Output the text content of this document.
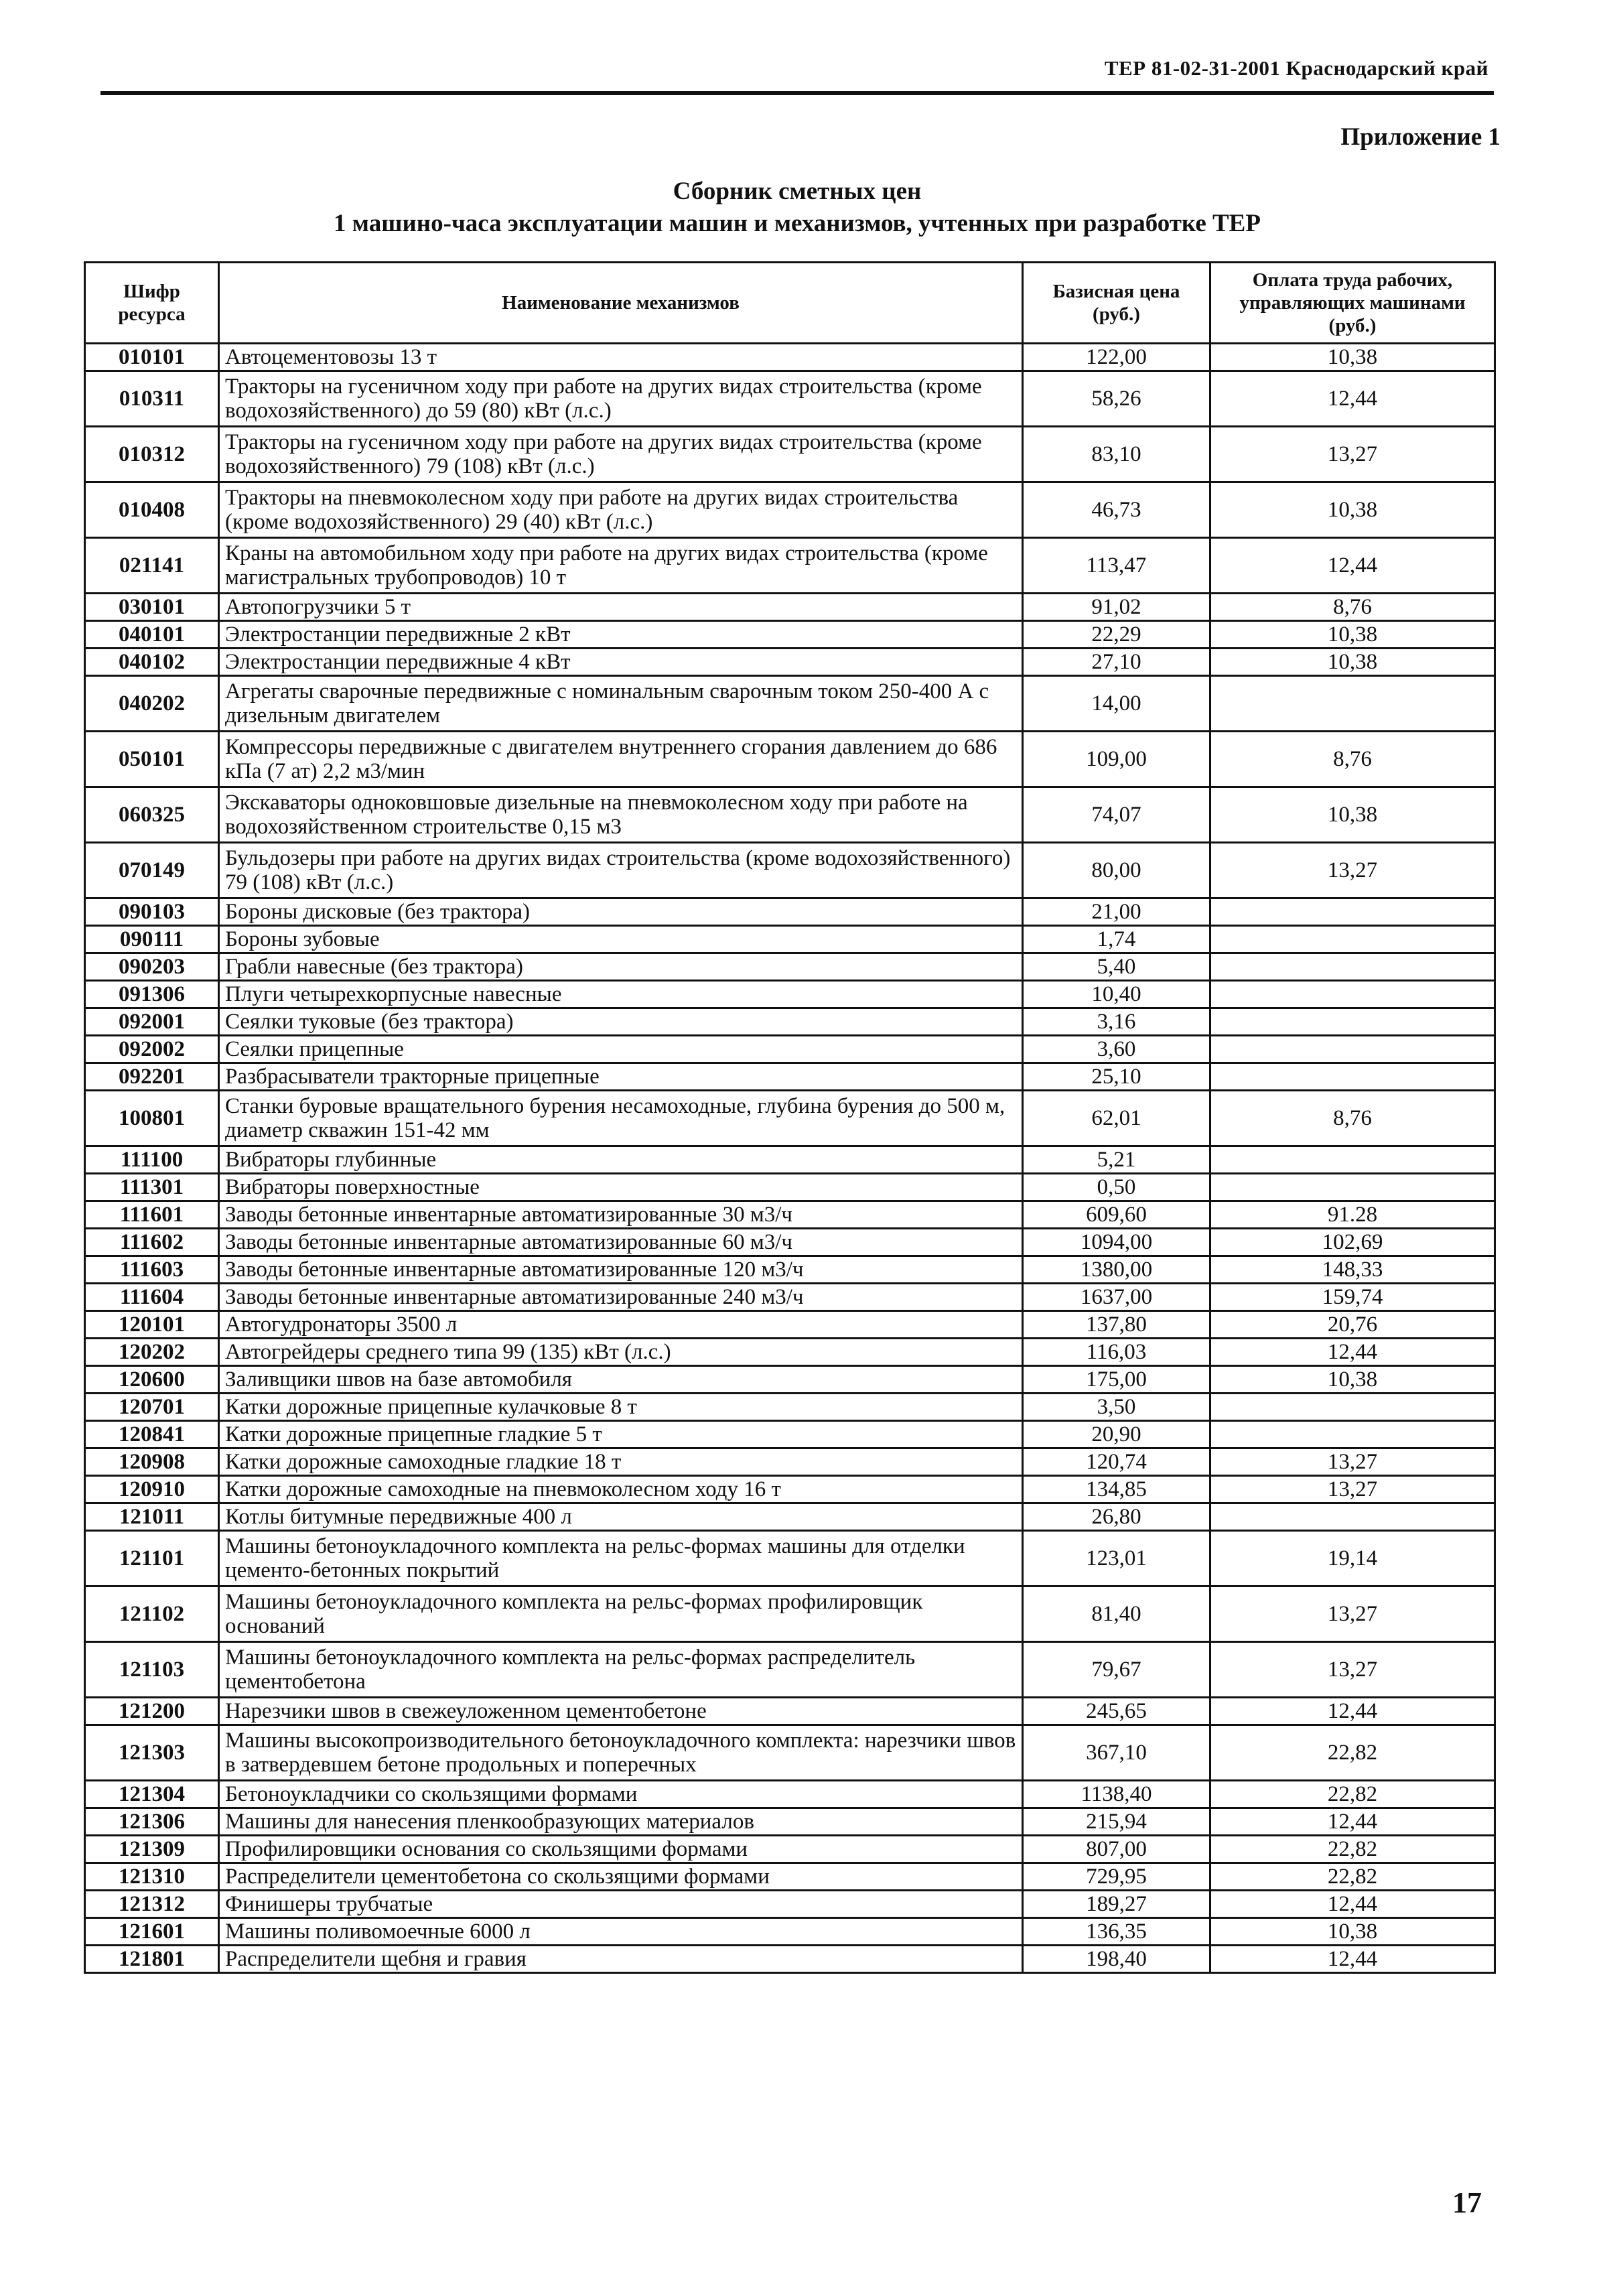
ТЕР 81-02-31-2001 Краснодарский край
Приложение 1
Сборник сметных цен
1 машино-часа эксплуатации машин и механизмов, учтенных при разработке ТЕР
Шифр ресурса	Наименование механизмов	Базисная цена (руб.)	Оплата труда рабочих, управляющих машинами (руб.)
010101	Автоцементовозы 13 т	122,00	10,38
010311	Тракторы на гусеничном ходу при работе на других видах строительства (кроме водохозяйственного) до 59 (80) кВт (л.с.)	58,26	12,44
010312	Тракторы на гусеничном ходу при работе на других видах строительства (кроме водохозяйственного) 79 (108) кВт (л.с.)	83,10	13,27
010408	Тракторы на пневмоколесном ходу при работе на других видах строительства (кроме водохозяйственного) 29 (40) кВт (л.с.)	46,73	10,38
021141	Краны на автомобильном ходу при работе на других видах строительства (кроме магистральных трубопроводов) 10 т	113,47	12,44
030101	Автопогрузчики 5 т	91,02	8,76
040101	Электростанции передвижные 2 кВт	22,29	10,38
040102	Электростанции передвижные 4 кВт	27,10	10,38
040202	Агрегаты сварочные передвижные с номинальным сварочным током 250-400 А с дизельным двигателем	14,00	
050101	Компрессоры передвижные с двигателем внутреннего сгорания давлением до 686 кПа (7 ат) 2,2 м3/мин	109,00	8,76
060325	Экскаваторы одноковшовые дизельные на пневмоколесном ходу при работе на водохозяйственном строительстве 0,15 м3	74,07	10,38
070149	Бульдозеры при работе на других видах строительства (кроме водохозяйственного) 79 (108) кВт (л.с.)	80,00	13,27
090103	Бороны дисковые (без трактора)	21,00	
090111	Бороны зубовые	1,74	
090203	Грабли навесные (без трактора)	5,40	
091306	Плуги четырехкорпусные навесные	10,40	
092001	Сеялки туковые (без трактора)	3,16	
092002	Сеялки прицепные	3,60	
092201	Разбрасыватели тракторные прицепные	25,10	
100801	Станки буровые вращательного бурения несамоходные, глубина бурения до 500 м, диаметр скважин 151-42 мм	62,01	8,76
111100	Вибраторы глубинные	5,21	
111301	Вибраторы поверхностные	0,50	
111601	Заводы бетонные инвентарные автоматизированные 30 м3/ч	609,60	91.28
111602	Заводы бетонные инвентарные автоматизированные 60 м3/ч	1094,00	102,69
111603	Заводы бетонные инвентарные автоматизированные 120 м3/ч	1380,00	148,33
111604	Заводы бетонные инвентарные автоматизированные 240 м3/ч	1637,00	159,74
120101	Автогудронаторы 3500 л	137,80	20,76
120202	Автогрейдеры среднего типа 99 (135) кВт (л.с.)	116,03	12,44
120600	Заливщики швов на базе автомобиля	175,00	10,38
120701	Катки дорожные прицепные кулачковые 8 т	3,50	
120841	Катки дорожные прицепные гладкие 5 т	20,90	
120908	Катки дорожные самоходные гладкие 18 т	120,74	13,27
120910	Катки дорожные самоходные на пневмоколесном ходу 16 т	134,85	13,27
121011	Котлы битумные передвижные 400 л	26,80	
121101	Машины бетоноукладочного комплекта на рельс-формах машины для отделки цементо-бетонных покрытий	123,01	19,14
121102	Машины бетоноукладочного комплекта на рельс-формах профилировщик оснований	81,40	13,27
121103	Машины бетоноукладочного комплекта на рельс-формах распределитель цементобетона	79,67	13,27
121200	Нарезчики швов в свежеуложенном цементобетоне	245,65	12,44
121303	Машины высокопроизводительного бетоноукладочного комплекта: нарезчики швов в затвердевшем бетоне продольных и поперечных	367,10	22,82
121304	Бетоноукладчики со скользящими формами	1138,40	22,82
121306	Машины для нанесения пленкообразующих материалов	215,94	12,44
121309	Профилировщики основания со скользящими формами	807,00	22,82
121310	Распределители цементобетона со скользящими формами	729,95	22,82
121312	Финишеры трубчатые	189,27	12,44
121601	Машины поливомоечные 6000 л	136,35	10,38
121801	Распределители щебня и гравия	198,40	12,44
17
